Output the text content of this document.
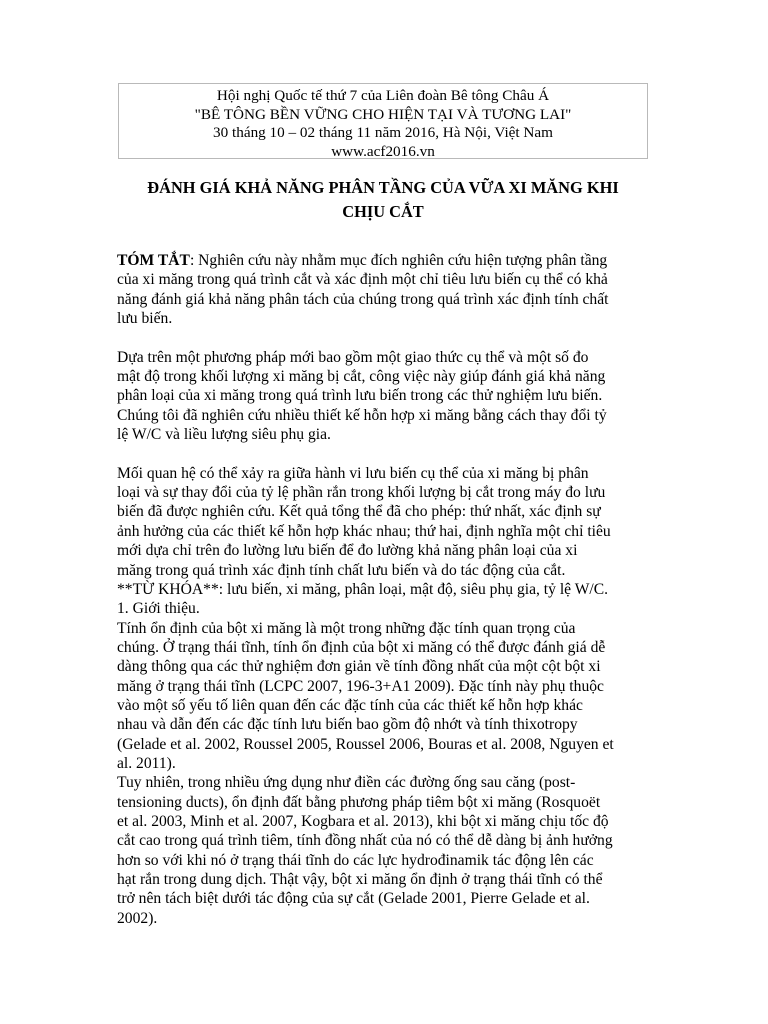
Hội nghị Quốc tế thứ 7 của Liên đoàn Bê tông Châu Á
"BÊ TÔNG BỀN VỮNG CHO HIỆN TẠI VÀ TƯƠNG LAI"
30 tháng 10 – 02 tháng 11 năm 2016, Hà Nội, Việt Nam
www.acf2016.vn
ĐÁNH GIÁ KHẢ NĂNG PHÂN TẦNG CỦA VỮA XI MĂNG KHI
CHỊU CẮT

TÓM TẮT: Nghiên cứu này nhằm mục đích nghiên cứu hiện tượng phân tầng
của xi măng trong quá trình cắt và xác định một chỉ tiêu lưu biến cụ thể có khả
năng đánh giá khả năng phân tách của chúng trong quá trình xác định tính chất
lưu biến.

Dựa trên một phương pháp mới bao gồm một giao thức cụ thể và một số đo
mật độ trong khối lượng xi măng bị cắt, công việc này giúp đánh giá khả năng
phân loại của xi măng trong quá trình lưu biến trong các thử nghiệm lưu biến.
Chúng tôi đã nghiên cứu nhiều thiết kế hỗn hợp xi măng bằng cách thay đổi tỷ
lệ W/C và liều lượng siêu phụ gia.

Mối quan hệ có thể xảy ra giữa hành vi lưu biến cụ thể của xi măng bị phân
loại và sự thay đổi của tỷ lệ phần rắn trong khối lượng bị cắt trong máy đo lưu
biến đã được nghiên cứu. Kết quả tổng thể đã cho phép: thứ nhất, xác định sự
ảnh hưởng của các thiết kế hỗn hợp khác nhau; thứ hai, định nghĩa một chỉ tiêu
mới dựa chỉ trên đo lường lưu biến để đo lường khả năng phân loại của xi
măng trong quá trình xác định tính chất lưu biến và do tác động của cắt.
**TỪ KHÓA**: lưu biến, xi măng, phân loại, mật độ, siêu phụ gia, tỷ lệ W/C.
1. Giới thiệu.
Tính ổn định của bột xi măng là một trong những đặc tính quan trọng của
chúng. Ở trạng thái tĩnh, tính ổn định của bột xi măng có thể được đánh giá dễ
dàng thông qua các thử nghiệm đơn giản về tính đồng nhất của một cột bột xi
măng ở trạng thái tĩnh (LCPC 2007, 196-3+A1 2009). Đặc tính này phụ thuộc
vào một số yếu tố liên quan đến các đặc tính của các thiết kế hỗn hợp khác
nhau và dẫn đến các đặc tính lưu biến bao gồm độ nhớt và tính thixotropy
(Gelade et al. 2002, Roussel 2005, Roussel 2006, Bouras et al. 2008, Nguyen et
al. 2011).
Tuy nhiên, trong nhiều ứng dụng như điền các đường ống sau căng (post-
tensioning ducts), ổn định đất bằng phương pháp tiêm bột xi măng (Rosquoët
et al. 2003, Minh et al. 2007, Kogbara et al. 2013), khi bột xi măng chịu tốc độ
cắt cao trong quá trình tiêm, tính đồng nhất của nó có thể dễ dàng bị ảnh hưởng
hơn so với khi nó ở trạng thái tĩnh do các lực hydrođinamik tác động lên các
hạt rắn trong dung dịch. Thật vậy, bột xi măng ổn định ở trạng thái tĩnh có thể
trở nên tách biệt dưới tác động của sự cắt (Gelade 2001, Pierre Gelade et al.
2002).
